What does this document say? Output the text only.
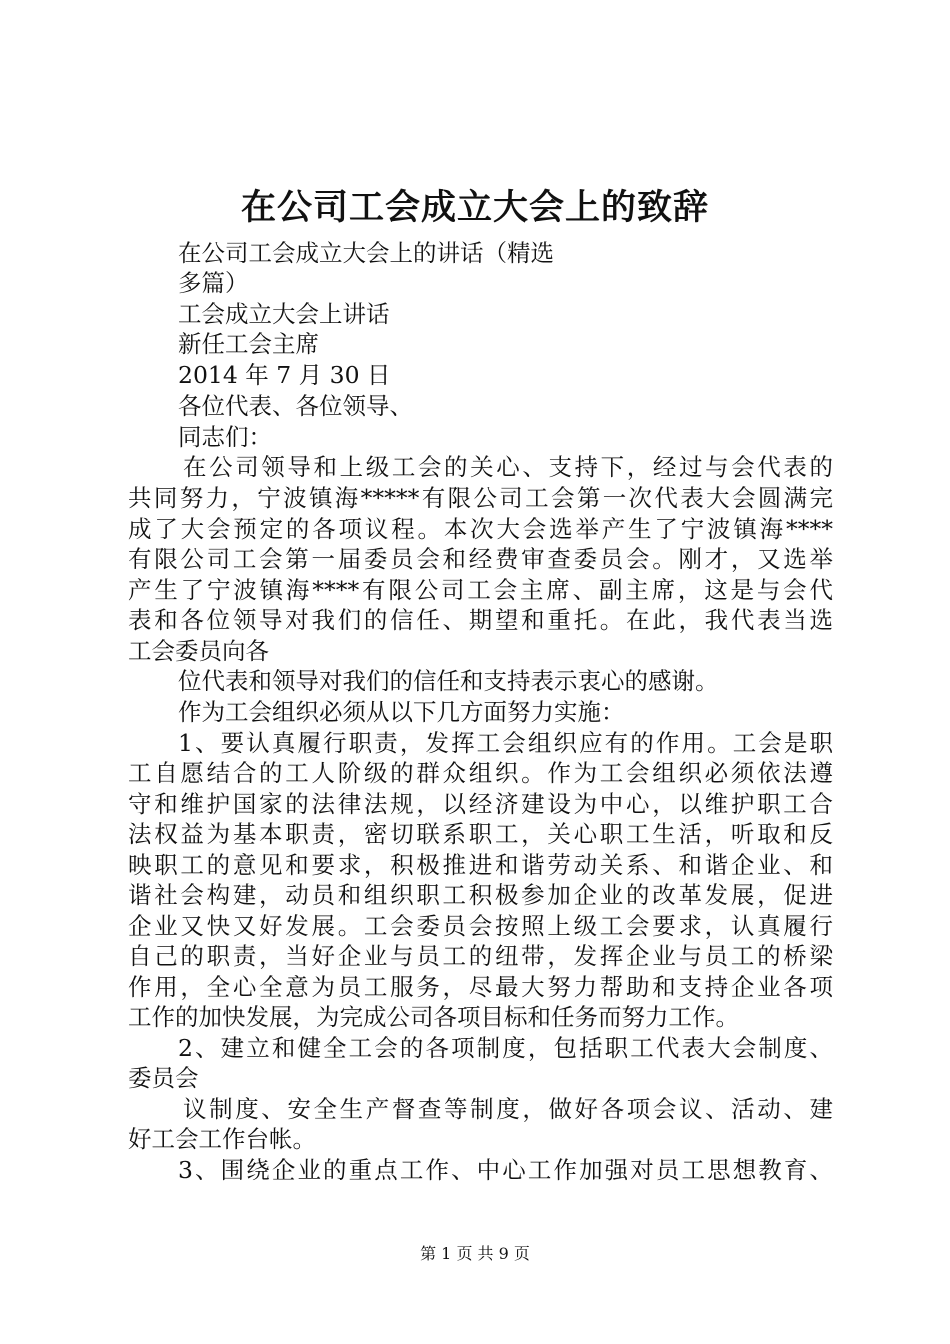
在公司工会成立大会上的致辞
在公司工会成立大会上的讲话（精选
多篇）
工会成立大会上讲话
新任工会主席
2014 年 7 月 30 日
各位代表、各位领导、
同志们：
在公司领导和上级工会的关心、支持下，经过与会代表的
共同努力，宁波镇海*****有限公司工会第一次代表大会圆满完
成了大会预定的各项议程。本次大会选举产生了宁波镇海****
有限公司工会第一届委员会和经费审查委员会。刚才，又选举
产生了宁波镇海****有限公司工会主席、副主席，这是与会代
表和各位领导对我们的信任、期望和重托。在此，我代表当选
工会委员向各
位代表和领导对我们的信任和支持表示衷心的感谢。
作为工会组织必须从以下几方面努力实施：
1、要认真履行职责，发挥工会组织应有的作用。工会是职
工自愿结合的工人阶级的群众组织。作为工会组织必须依法遵
守和维护国家的法律法规，以经济建设为中心，以维护职工合
法权益为基本职责，密切联系职工，关心职工生活，听取和反
映职工的意见和要求，积极推进和谐劳动关系、和谐企业、和
谐社会构建，动员和组织职工积极参加企业的改革发展，促进
企业又快又好发展。工会委员会按照上级工会要求，认真履行
自己的职责，当好企业与员工的纽带，发挥企业与员工的桥梁
作用，全心全意为员工服务，尽最大努力帮助和支持企业各项
工作的加快发展，为完成公司各项目标和任务而努力工作。
2、建立和健全工会的各项制度，包括职工代表大会制度、
委员会
议制度、安全生产督查等制度，做好各项会议、活动、建
好工会工作台帐。
3、围绕企业的重点工作、中心工作加强对员工思想教育、
第 1 页 共 9 页
